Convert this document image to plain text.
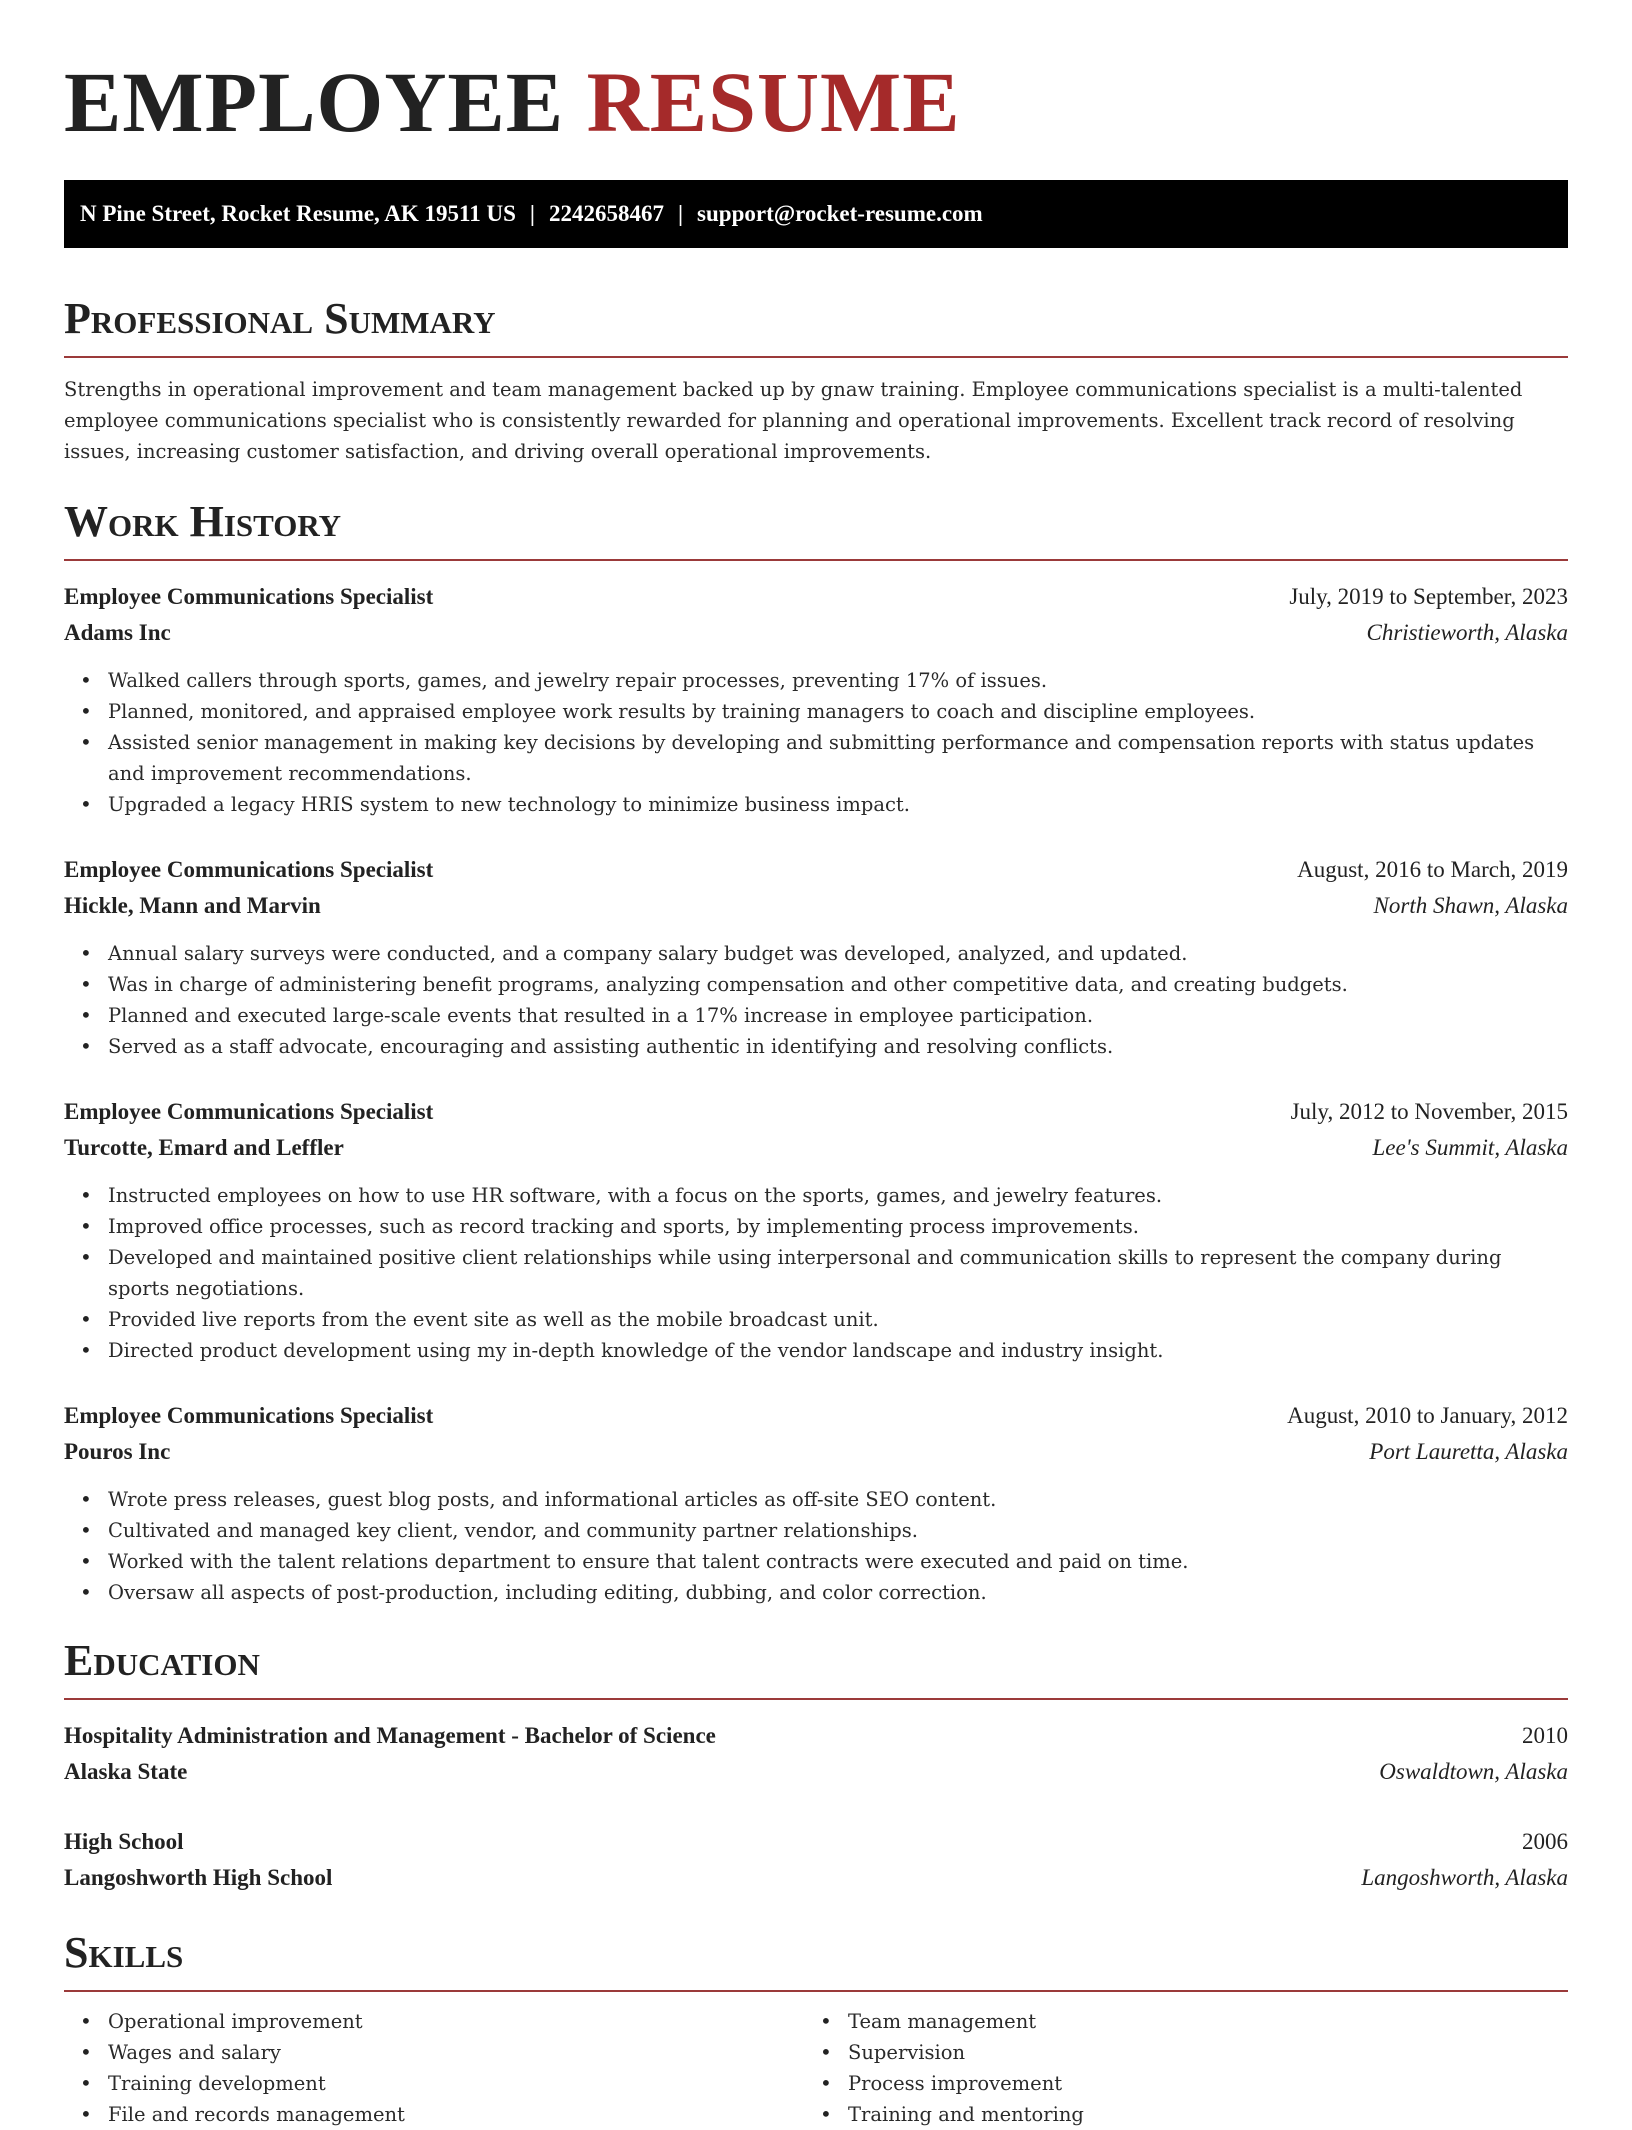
EMPLOYEE RESUME
N Pine Street, Rocket Resume, AK 19511 US | 2242658467 | support@rocket-resume.com
Professional Summary

Strengths in operational improvement and team management backed up by gnaw training. Employee communications specialist is a multi-talented employee communications specialist who is consistently rewarded for planning and operational improvements. Excellent track record of resolving issues, increasing customer satisfaction, and driving overall operational improvements.

Work History
Employee Communications Specialist	July, 2019 to September, 2023
Adams Inc	Christieworth, Alaska
• Walked callers through sports, games, and jewelry repair processes, preventing 17% of issues.
• Planned, monitored, and appraised employee work results by training managers to coach and discipline employees.
• Assisted senior management in making key decisions by developing and submitting performance and compensation reports with status updates and improvement recommendations.
• Upgraded a legacy HRIS system to new technology to minimize business impact.
Employee Communications Specialist	August, 2016 to March, 2019
Hickle, Mann and Marvin	North Shawn, Alaska
• Annual salary surveys were conducted, and a company salary budget was developed, analyzed, and updated.
• Was in charge of administering benefit programs, analyzing compensation and other competitive data, and creating budgets.
• Planned and executed large-scale events that resulted in a 17% increase in employee participation.
• Served as a staff advocate, encouraging and assisting authentic in identifying and resolving conflicts.
Employee Communications Specialist	July, 2012 to November, 2015
Turcotte, Emard and Leffler	Lee's Summit, Alaska
• Instructed employees on how to use HR software, with a focus on the sports, games, and jewelry features.
• Improved office processes, such as record tracking and sports, by implementing process improvements.
• Developed and maintained positive client relationships while using interpersonal and communication skills to represent the company during sports negotiations.
• Provided live reports from the event site as well as the mobile broadcast unit.
• Directed product development using my in-depth knowledge of the vendor landscape and industry insight.
Employee Communications Specialist	August, 2010 to January, 2012
Pouros Inc	Port Lauretta, Alaska
• Wrote press releases, guest blog posts, and informational articles as off-site SEO content.
• Cultivated and managed key client, vendor, and community partner relationships.
• Worked with the talent relations department to ensure that talent contracts were executed and paid on time.
• Oversaw all aspects of post-production, including editing, dubbing, and color correction.
Education
Hospitality Administration and Management - Bachelor of Science	2010
Alaska State	Oswaldtown, Alaska
High School	2006
Langoshworth High School	Langoshworth, Alaska
Skills
• Operational improvement
• Wages and salary
• Training development
• File and records management
• Team management
• Supervision
• Process improvement
• Training and mentoring
